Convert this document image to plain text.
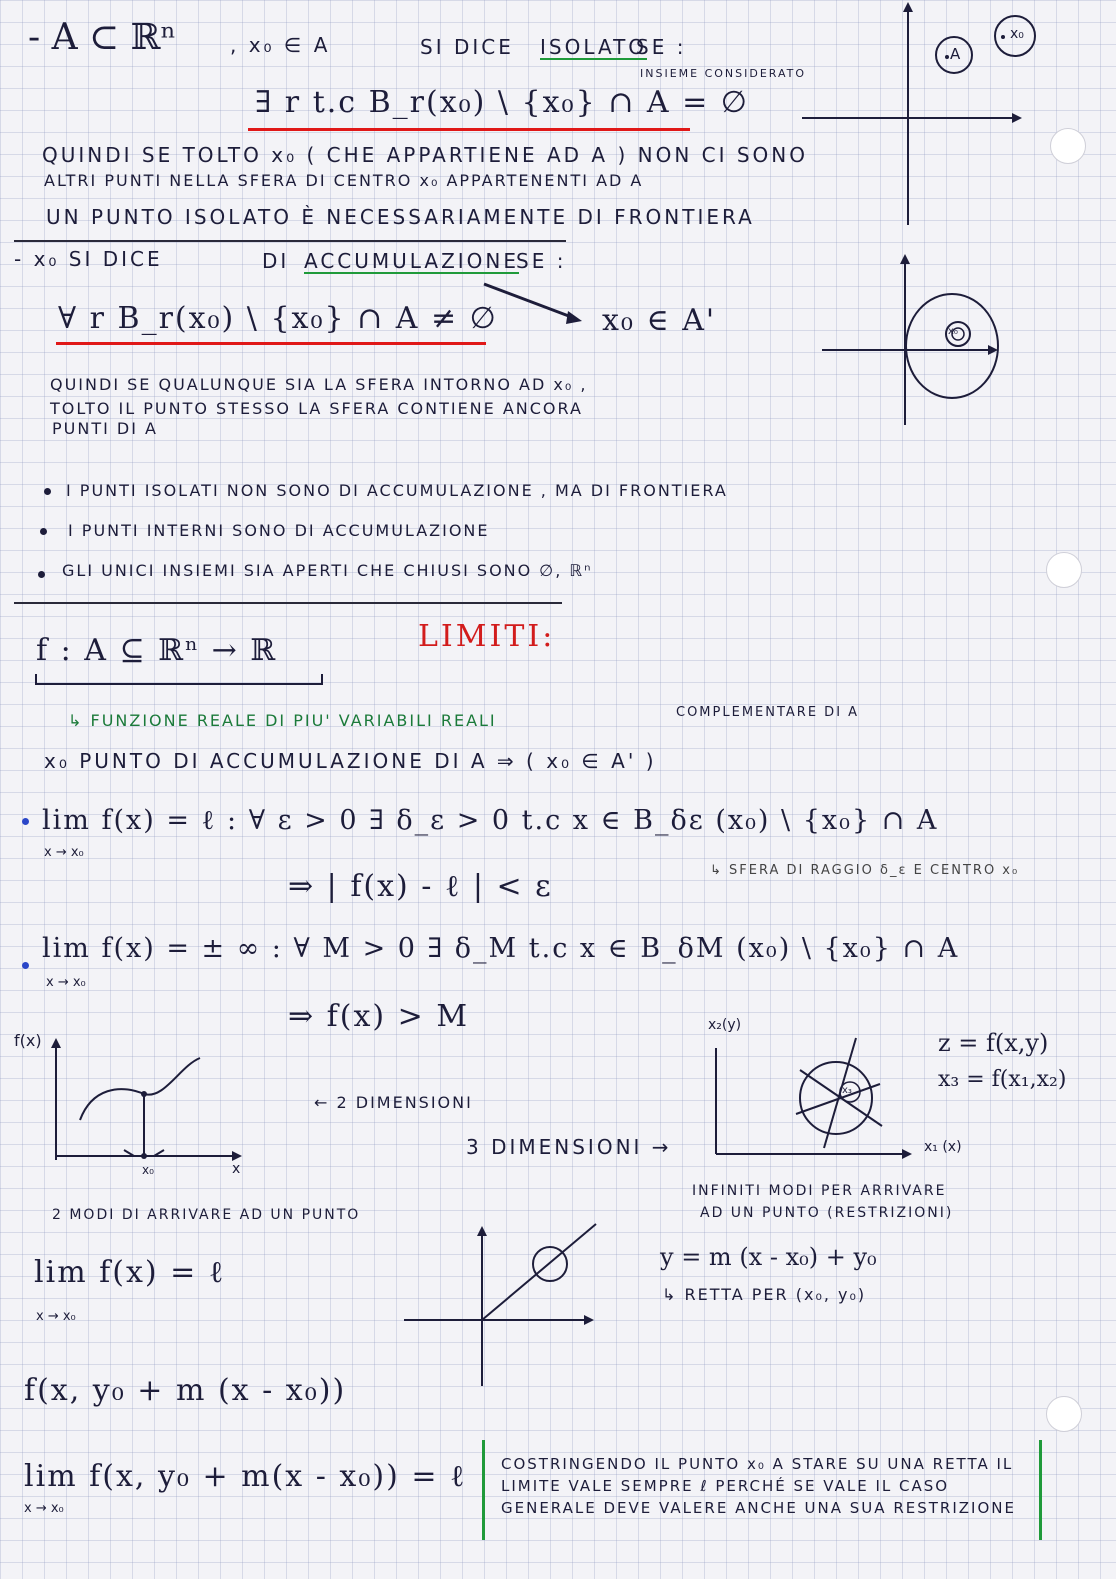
- A ⊂ ℝⁿ	, x₀ ∈ A	SI DICE ISOLATO

SE :

INSIEME CONSIDERATO

∃ r t.c B_r(x₀) \ {x₀} ∩ A = ∅

QUINDI SE TOLTO x₀ ( CHE APPARTIENE AD A ) NON CI SONO

ALTRI PUNTI NELLA SFERA DI CENTRO x₀ APPARTENENTI AD A

UN PUNTO ISOLATO È NECESSARIAMENTE DI FRONTIERA

A

x₀

- x₀ SI DICE	DI ACCUMULAZIONE

SE :

∀ r B_r(x₀) \ {x₀} ∩ A ≠ ∅	x₀ ∈ A'

QUINDI SE QUALUNQUE SIA LA SFERA INTORNO AD x₀ ,

TOLTO IL PUNTO STESSO LA SFERA CONTIENE ANCORA

PUNTI DI A

x₀

I PUNTI ISOLATI NON SONO DI ACCUMULAZIONE , MA DI FRONTIERA

I PUNTI INTERNI SONO DI ACCUMULAZIONE

GLI UNICI INSIEMI SIA APERTI CHE CHIUSI SONO ∅, ℝⁿ

f : A ⊆ ℝⁿ → ℝ	LIMITI:

↳ FUNZIONE REALE DI PIU' VARIABILI REALI	COMPLEMENTARE DI A

x₀ PUNTO DI ACCUMULAZIONE DI A ⇒ ( x₀ ∈ A' )

lim f(x) = ℓ : ∀ ε > 0 ∃ δ_ε > 0 t.c x ∈ B_δε (x₀) \ {x₀} ∩ A

x → x₀

⇒ | f(x) - ℓ | < ε	↳ SFERA DI RAGGIO δ_ε E CENTRO x₀

lim f(x) = ± ∞ : ∀ M > 0 ∃ δ_M t.c x ∈ B_δM (x₀) \ {x₀} ∩ A

x → x₀

⇒ f(x) > M

f(x)

x

x₀

← 2 DIMENSIONI

3 DIMENSIONI →

2 MODI DI ARRIVARE AD UN PUNTO

x₂(y)

x₁ (x)

x₃

z = f(x,y)

x₃ = f(x₁,x₂)

INFINITI MODI PER ARRIVARE

AD UN PUNTO (RESTRIZIONI)

lim f(x) = ℓ

x → x₀

y = m (x - x₀) + y₀

↳ RETTA PER (x₀, y₀)

f(x, y₀ + m (x - x₀))

lim f(x, y₀ + m(x - x₀)) = ℓ

x → x₀

COSTRINGENDO IL PUNTO x₀ A STARE SU UNA RETTA IL LIMITE VALE SEMPRE ℓ PERCHÉ SE VALE IL CASO GENERALE DEVE VALERE ANCHE UNA SUA RESTRIZIONE
